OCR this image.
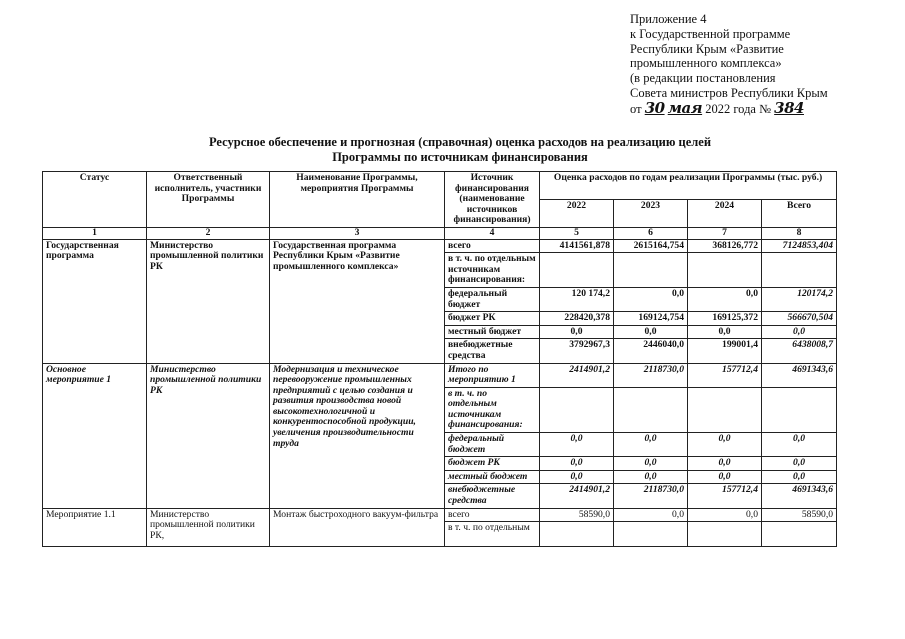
Приложение 4
к Государственной программе
Республики Крым «Развитие
промышленного комплекса»
(в редакции постановления
Совета министров Республики Крым
от 30 мая 2022 года № 384
Ресурсное обеспечение и прогнозная (справочная) оценка расходов на реализацию целей
Программы по источникам финансирования
Статус	Ответственный исполнитель, участники Программы	Наименование Программы, мероприятия Программы	Источник финансирования (наименование источников финансирования)	Оценка расходов по годам реализации Программы (тыс. руб.)			
				2022	2023	2024	Всего
1	2	3	4	5	6	7	8
Государственная программа	Министерство промышленной политики РК	Государственная программа Республики Крым «Развитие промышленного комплекса»	всего	4141561,878	2615164,754	368126,772	7124853,404
			в т. ч. по отдельным источникам финансирования:				
			федеральный бюджет	120 174,2	0,0	0,0	120174,2
			бюджет РК	228420,378	169124,754	169125,372	566670,504
			местный бюджет	0,0	0,0	0,0	0,0
			внебюджетные средства	3792967,3	2446040,0	199001,4	6438008,7
Основное мероприятие 1	Министерство промышленной политики РК	Модернизация и техническое перевооружение промышленных предприятий с целью создания и развития производства новой высокотехнологичной и конкурентоспособной продукции, увеличения производительности труда	Итого по мероприятию 1	2414901,2	2118730,0	157712,4	4691343,6
			в т. ч. по отдельным источникам финансирования:				
			федеральный бюджет	0,0	0,0	0,0	0,0
			бюджет РК	0,0	0,0	0,0	0,0
			местный бюджет	0,0	0,0	0,0	0,0
			внебюджетные средства	2414901,2	2118730,0	157712,4	4691343,6
Мероприятие 1.1	Министерство промышленной политики РК,	Монтаж быстроходного вакуум-фильтра	всего	58590,0	0,0	0,0	58590,0
			в т. ч. по отдельным				
